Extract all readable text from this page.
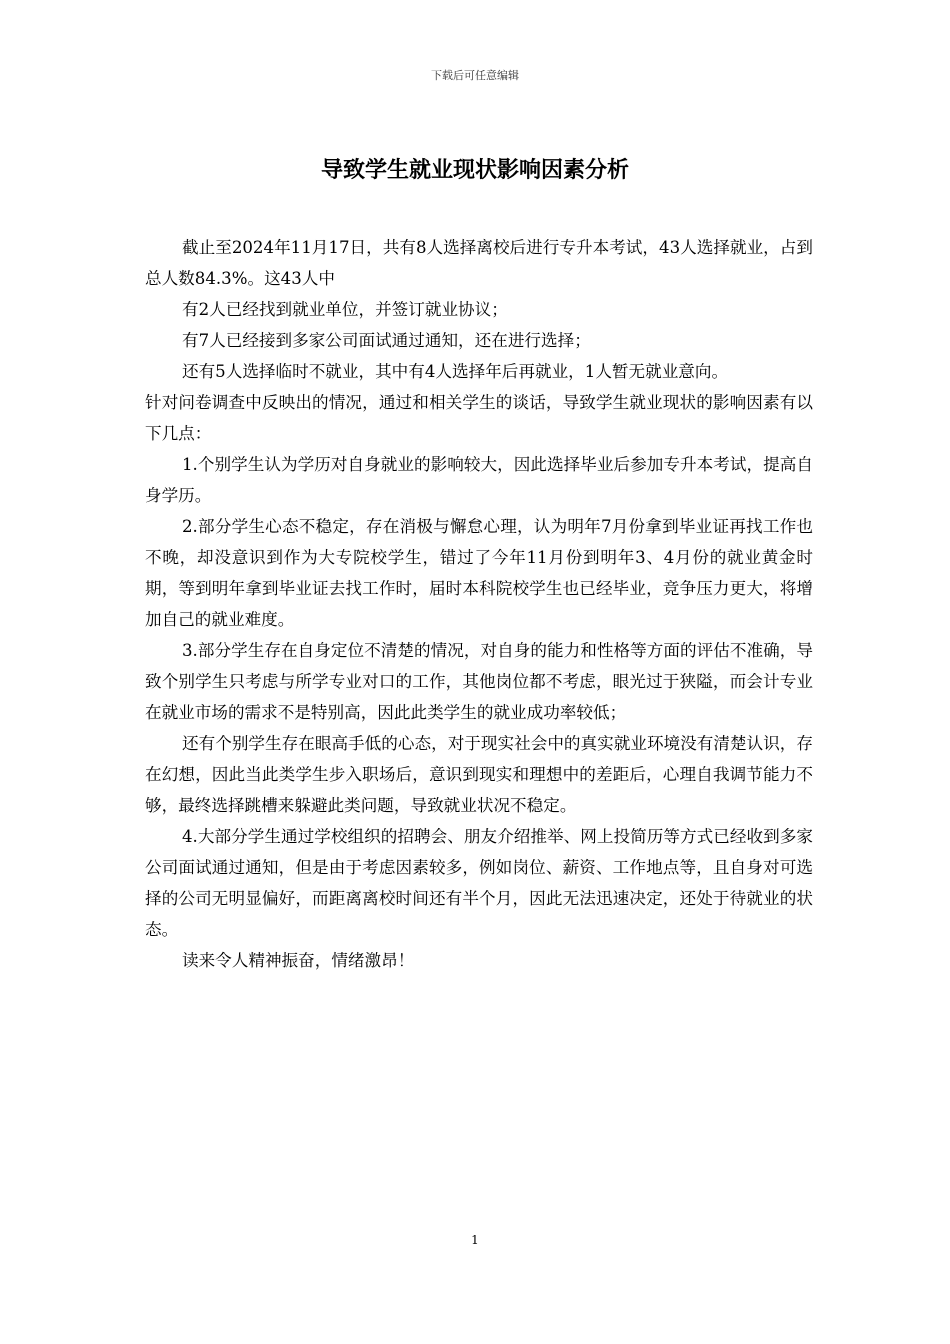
下载后可任意编辑
导致学生就业现状影响因素分析

截止至2024年11月17日，共有8人选择离校后进行专升本考试，43人选择就业，占到总人数84.3%。这43人中

有2人已经找到就业单位，并签订就业协议；

有7人已经接到多家公司面试通过通知，还在进行选择；

还有5人选择临时不就业，其中有4人选择年后再就业，1人暂无就业意向。

针对问卷调查中反映出的情况，通过和相关学生的谈话，导致学生就业现状的影响因素有以下几点：

1.个别学生认为学历对自身就业的影响较大，因此选择毕业后参加专升本考试，提高自身学历。

2.部分学生心态不稳定，存在消极与懈怠心理，认为明年7月份拿到毕业证再找工作也不晚，却没意识到作为大专院校学生，错过了今年11月份到明年3、4月份的就业黄金时期，等到明年拿到毕业证去找工作时，届时本科院校学生也已经毕业，竞争压力更大，将增加自己的就业难度。

3.部分学生存在自身定位不清楚的情况，对自身的能力和性格等方面的评估不准确，导致个别学生只考虑与所学专业对口的工作，其他岗位都不考虑，眼光过于狭隘，而会计专业在就业市场的需求不是特别高，因此此类学生的就业成功率较低；

还有个别学生存在眼高手低的心态，对于现实社会中的真实就业环境没有清楚认识，存在幻想，因此当此类学生步入职场后，意识到现实和理想中的差距后，心理自我调节能力不够，最终选择跳槽来躲避此类问题，导致就业状况不稳定。

4.大部分学生通过学校组织的招聘会、朋友介绍推举、网上投简历等方式已经收到多家公司面试通过通知，但是由于考虑因素较多，例如岗位、薪资、工作地点等，且自身对可选择的公司无明显偏好，而距离离校时间还有半个月，因此无法迅速决定，还处于待就业的状态。

读来令人精神振奋，情绪激昂！

1
